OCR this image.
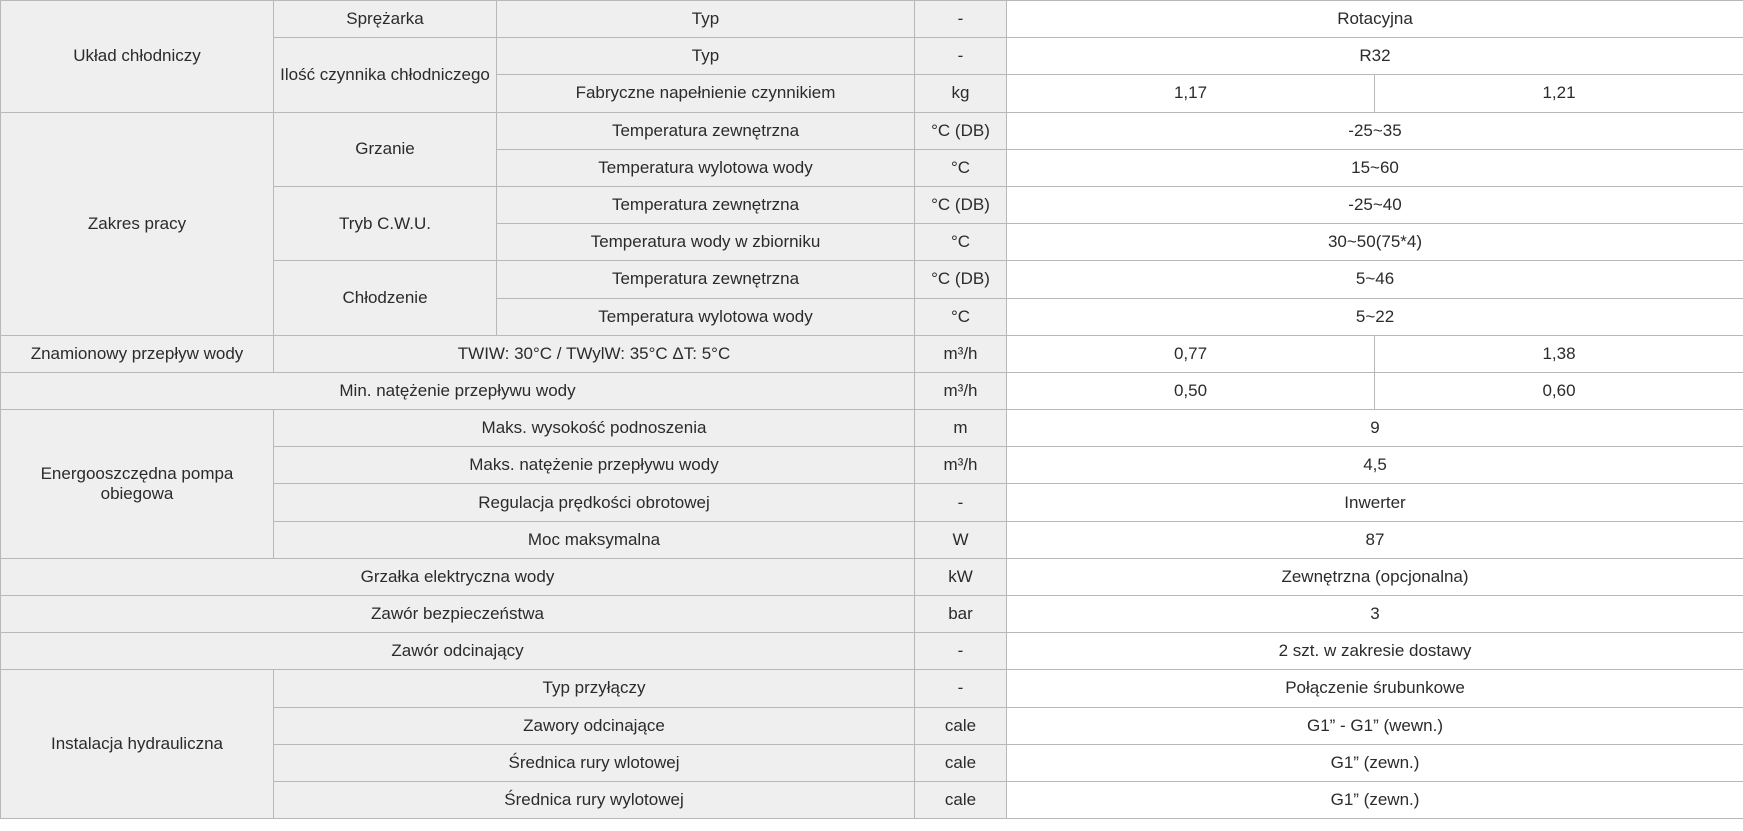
Układ chłodniczy	Sprężarka	Typ	-	Rotacyjna	
	Ilość czynnika chłodniczego	Typ	-	R32	
		Fabryczne napełnienie czynnikiem	kg	1,17	1,21
Zakres pracy	Grzanie	Temperatura zewnętrzna	°C (DB)	-25~35	
		Temperatura wylotowa wody	°C	15~60	
	Tryb C.W.U.	Temperatura zewnętrzna	°C (DB)	-25~40	
		Temperatura wody w zbiorniku	°C	30~50(75*4)	
	Chłodzenie	Temperatura zewnętrzna	°C (DB)	5~46	
		Temperatura wylotowa wody	°C	5~22	
Znamionowy przepływ wody	TWIW: 30°C / TWylW: 35°C ΔT: 5°C		m³/h	0,77	1,38
Min. natężenie przepływu wody			m³/h	0,50	0,60
Energooszczędna pompa obiegowa	Maks. wysokość podnoszenia		m	9	
	Maks. natężenie przepływu wody		m³/h	4,5	
	Regulacja prędkości obrotowej		-	Inwerter	
	Moc maksymalna		W	87	
Grzałka elektryczna wody			kW	Zewnętrzna (opcjonalna)	
Zawór bezpieczeństwa			bar	3	
Zawór odcinający			-	2 szt. w zakresie dostawy	
Instalacja hydrauliczna	Typ przyłączy		-	Połączenie śrubunkowe	
	Zawory odcinające		cale	G1” - G1” (wewn.)	
	Średnica rury wlotowej		cale	G1” (zewn.)	
	Średnica rury wylotowej		cale	G1” (zewn.)	
